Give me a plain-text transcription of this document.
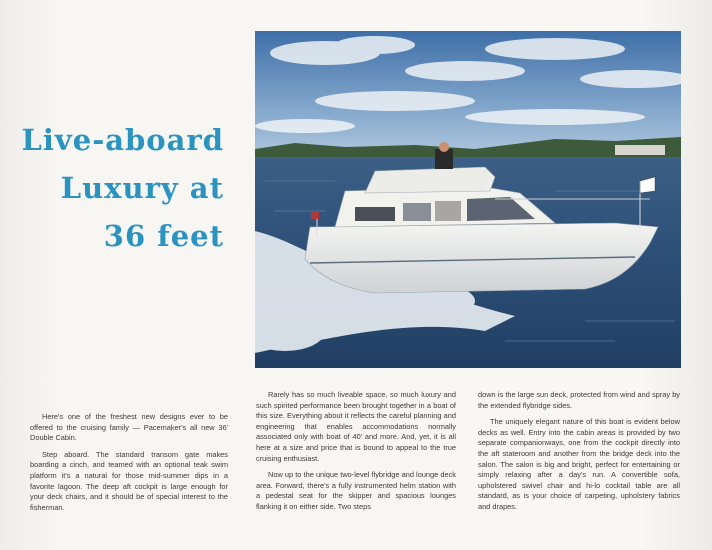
Live-aboard
Luxury at
36 feet

Here's one of the freshest new designs ever to be offered to the cruising family — Pacemaker's all new 36' Double Cabin.

Step aboard. The standard transom gate makes boarding a cinch, and teamed with an optional teak swim platform it's a natural for those mid-summer dips in a favorite lagoon. The deep aft cockpit is large enough for your deck chairs, and it should be of special interest to the fisherman.

Rarely has so much liveable space, so much luxury and such spirited performance been brought together in a boat of this size. Everything about it reflects the careful planning and engineering that enables accommodations normally associated only with boat of 40' and more. And, yet, it is all here at a size and price that is bound to appeal to the true cruising enthusiast.

Now up to the unique two-level flybridge and lounge deck area. Forward, there's a fully instrumented helm station with a pedestal seat for the skipper and spacious lounges flanking it on either side. Two steps

down is the large sun deck, protected from wind and spray by the extended flybridge sides.

The uniquely elegant nature of this boat is evident below decks as well. Entry into the cabin areas is provided by two separate companionways, one from the cockpit directly into the aft stateroom and another from the bridge deck into the salon. The salon is big and bright, perfect for entertaining or simply relaxing after a day's run. A convertible sofa, upholstered swivel chair and hi-lo cocktail table are all standard, as is your choice of carpeting, upholstery fabrics and drapes.
